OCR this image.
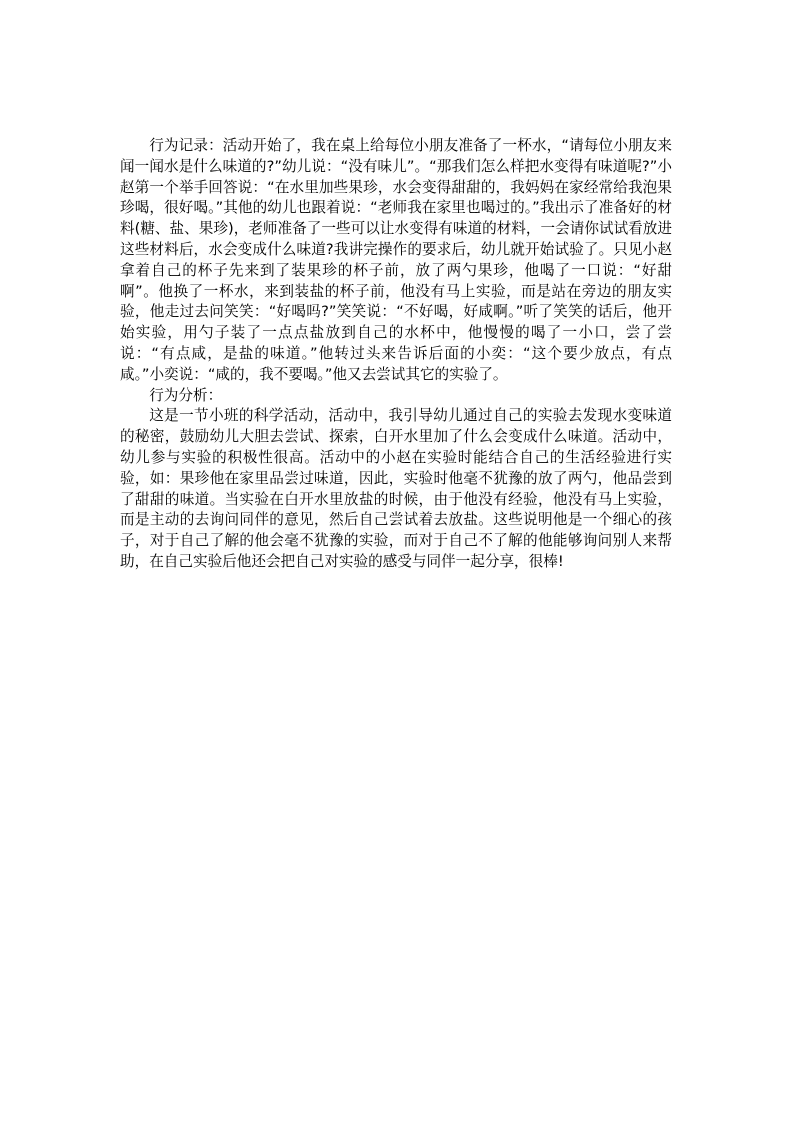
行为记录：活动开始了，我在桌上给每位小朋友准备了一杯水，“请每位小朋友来闻一闻水是什么味道的?”幼儿说：“没有味儿”。“那我们怎么样把水变得有味道呢?”小赵第一个举手回答说：“在水里加些果珍，水会变得甜甜的，我妈妈在家经常给我泡果珍喝，很好喝。”其他的幼儿也跟着说：“老师我在家里也喝过的。”我出示了准备好的材料(糖、盐、果珍)，老师准备了一些可以让水变得有味道的材料，一会请你试试看放进这些材料后，水会变成什么味道?我讲完操作的要求后，幼儿就开始试验了。只见小赵拿着自己的杯子先来到了装果珍的杯子前，放了两勺果珍，他喝了一口说：“好甜啊”。他换了一杯水，来到装盐的杯子前，他没有马上实验，而是站在旁边的朋友实验，他走过去问笑笑：“好喝吗?”笑笑说：“不好喝，好咸啊。”听了笑笑的话后，他开始实验，用勺子装了一点点盐放到自己的水杯中，他慢慢的喝了一小口，尝了尝说：“有点咸，是盐的味道。”他转过头来告诉后面的小奕：“这个要少放点，有点咸。”小奕说：“咸的，我不要喝。”他又去尝试其它的实验了。

行为分析：

这是一节小班的科学活动，活动中，我引导幼儿通过自己的实验去发现水变味道的秘密，鼓励幼儿大胆去尝试、探索，白开水里加了什么会变成什么味道。活动中，幼儿参与实验的积极性很高。活动中的小赵在实验时能结合自己的生活经验进行实验，如：果珍他在家里品尝过味道，因此，实验时他毫不犹豫的放了两勺，他品尝到了甜甜的味道。当实验在白开水里放盐的时候，由于他没有经验，他没有马上实验，而是主动的去询问同伴的意见，然后自己尝试着去放盐。这些说明他是一个细心的孩子，对于自己了解的他会毫不犹豫的实验，而对于自己不了解的他能够询问别人来帮助，在自己实验后他还会把自己对实验的感受与同伴一起分享，很棒!
